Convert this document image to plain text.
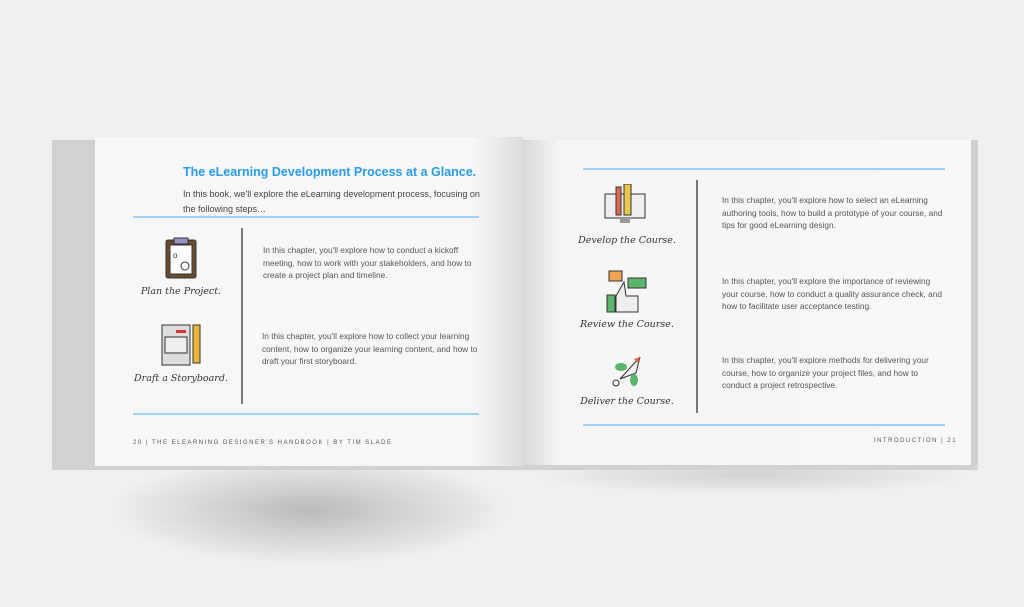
The eLearning Development Process at a Glance.
In this book, we'll explore the eLearning development process, focusing on the following steps…
o
Plan the Project.
In this chapter, you'll explore how to conduct a kickoff meeting, how to work with your stakeholders, and how to create a project plan and timeline.
Draft a Storyboard.
In this chapter, you'll explore how to collect your learning content, how to organize your learning content, and how to draft your first storyboard.
20 | THE ELEARNING DESIGNER'S HANDBOOK | BY TIM SLADE
Develop the Course.
In this chapter, you'll explore how to select an eLearning authoring tools, how to build a prototype of your course, and tips for good eLearning design.
Review the Course.
In this chapter, you'll explore the importance of reviewing your course, how to conduct a quality assurance check, and how to facilitate user acceptance testing.
Deliver the Course.
In this chapter, you'll explore methods for delivering your course, how to organize your project files, and how to conduct a project retrospective.
INTRODUCTION | 21
